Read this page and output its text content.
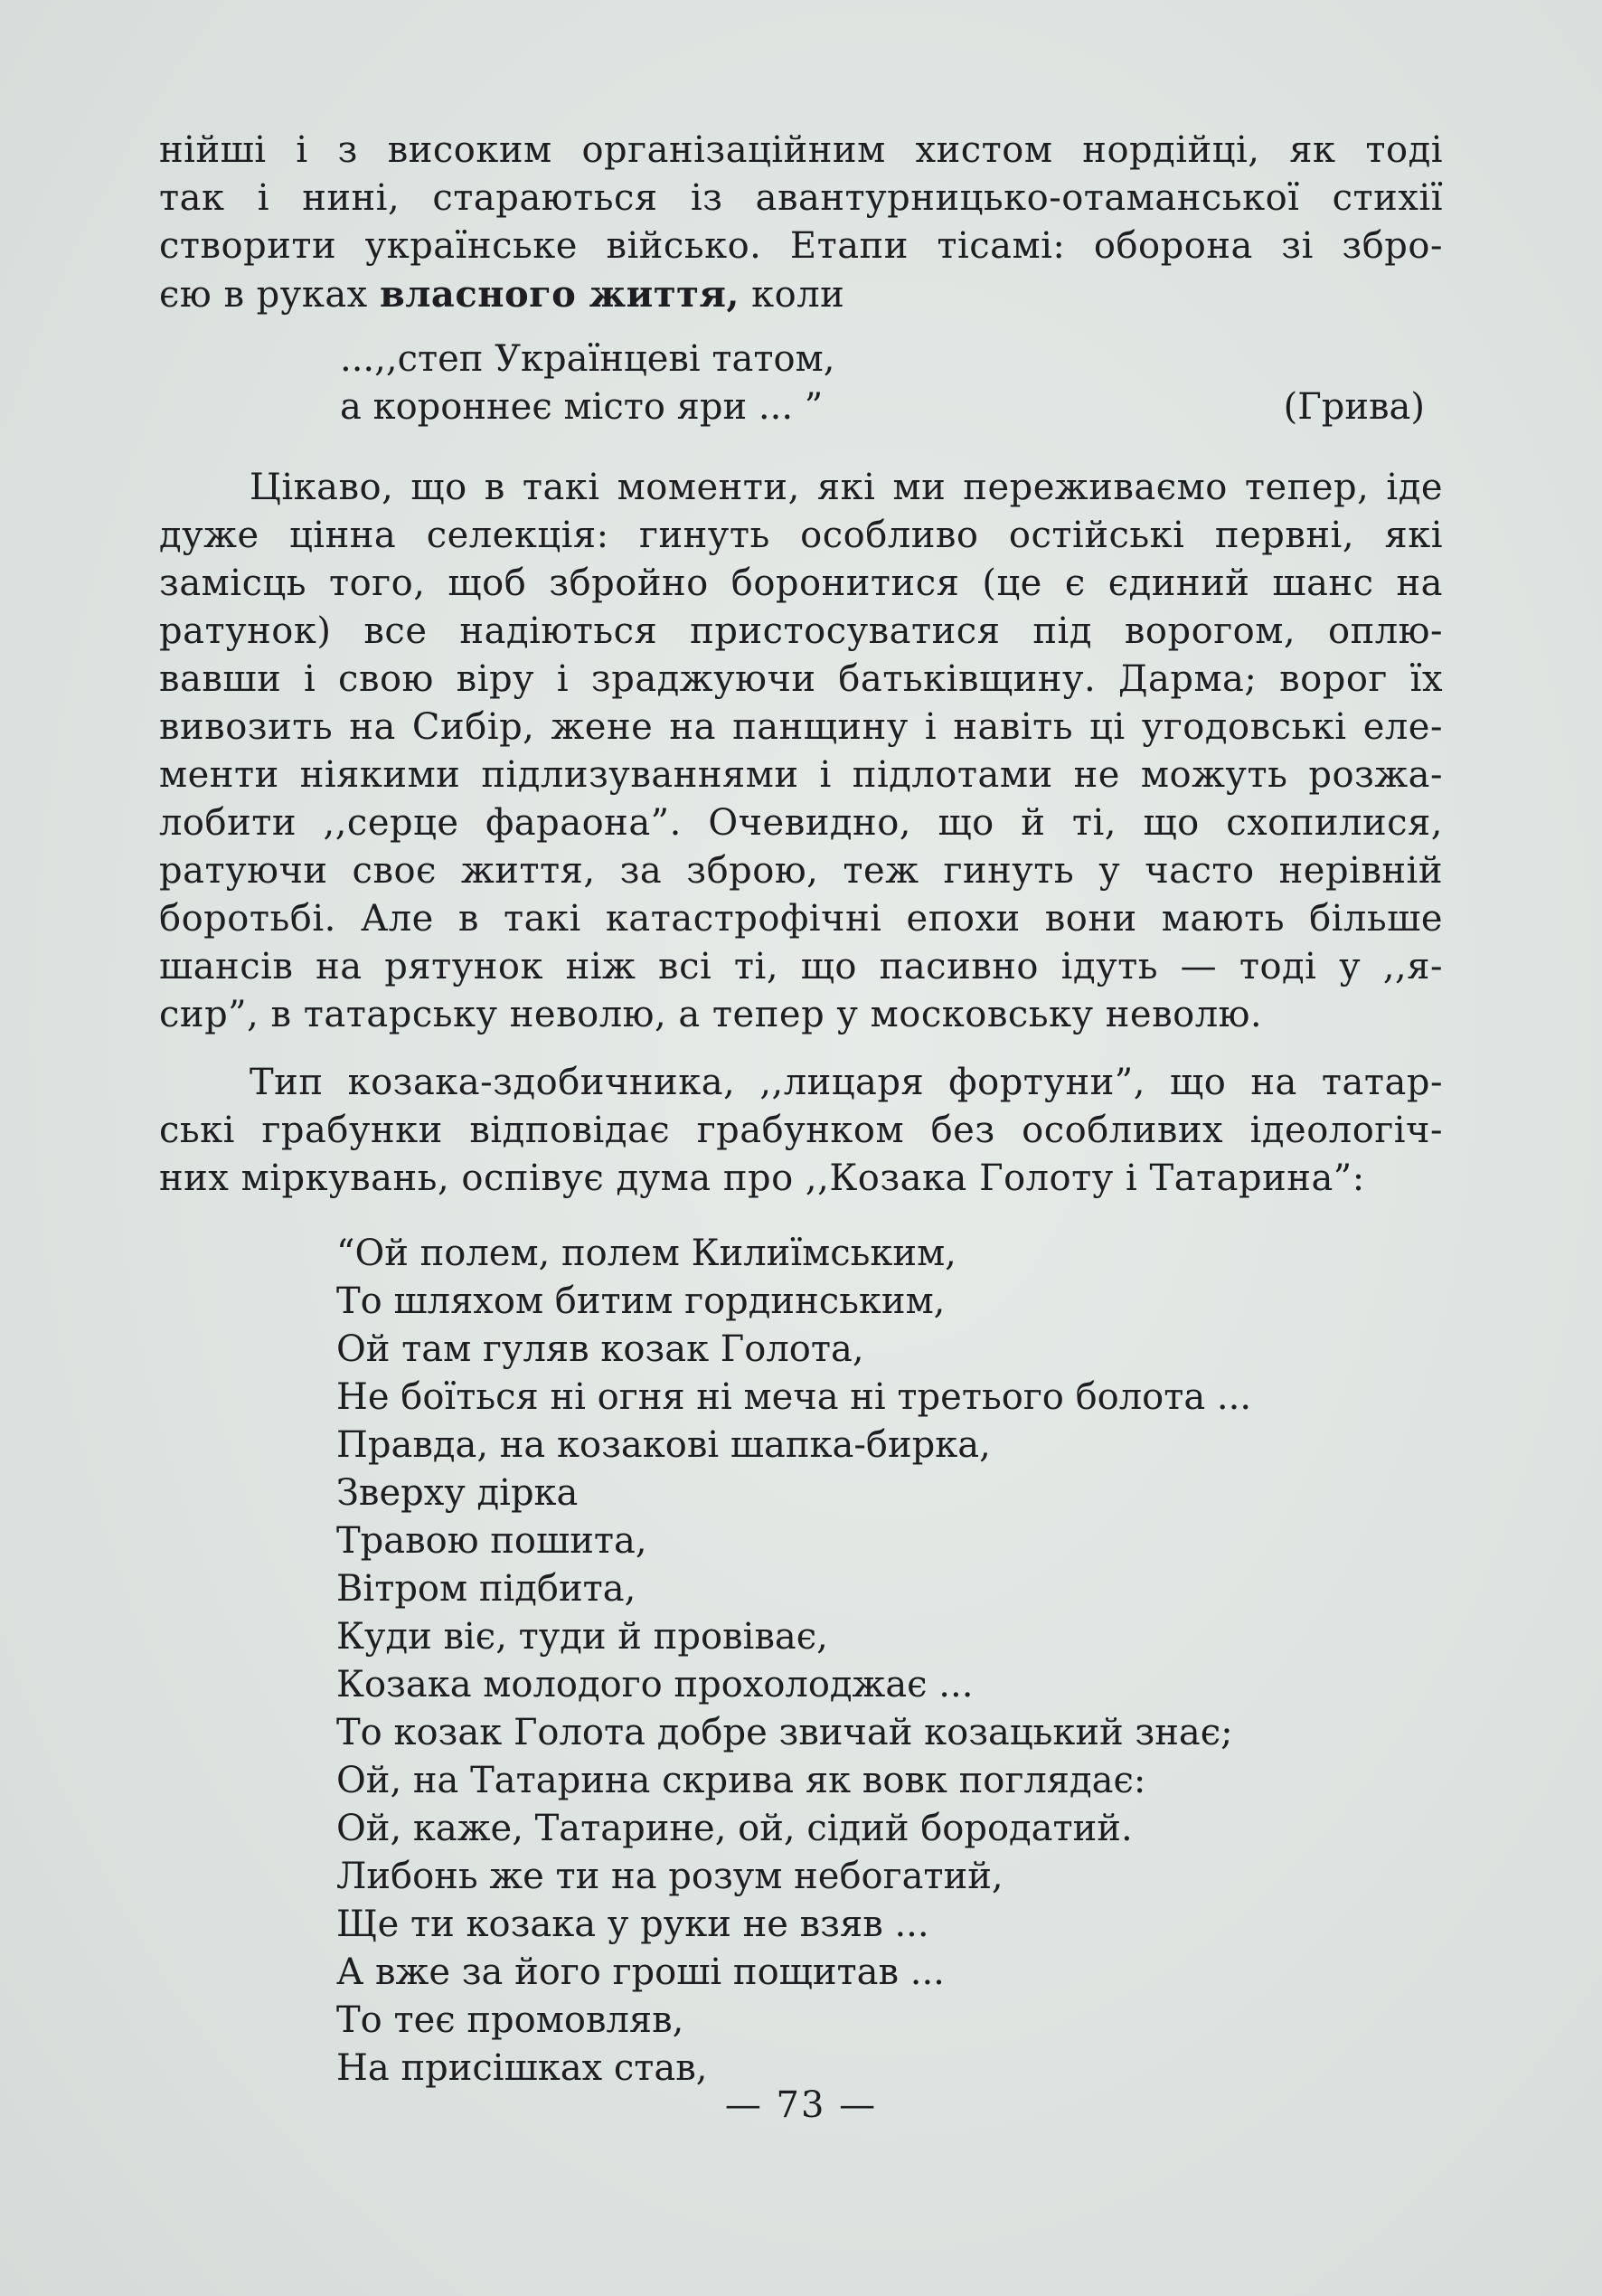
нійші і з високим організаційним хистом нордійці, як тоді
так і нині, стараються із авантурницько-отаманської стихії
створити українське військо. Етапи тісамі: оборона зі збро-
єю в руках власного життя, коли

...,,степ Українцеві татом,
а короннеє місто яри ... ”	(Грива)

Цікаво, що в такі моменти, які ми переживаємо тепер, іде
дуже цінна селекція: гинуть особливо остійські первні, які
замісць того, щоб збройно боронитися (це є єдиний шанс на
ратунок) все надіються пристосуватися під ворогом, оплю-
вавши і свою віру і зраджуючи батьківщину. Дарма; ворог їх
вивозить на Сибір, жене на панщину і навіть ці угодовські еле-
менти ніякими підлизуваннями і підлотами не можуть розжа-
лобити ,,серце фараона”. Очевидно, що й ті, що схопилися,
ратуючи своє життя, за зброю, теж гинуть у часто нерівній
боротьбі. Але в такі катастрофічні епохи вони мають більше
шансів на рятунок ніж всі ті, що пасивно ідуть — тоді у ,,я-
сир”, в татарську неволю, а тепер у московську неволю.

Тип козака-здобичника, ,,лицаря фортуни”, що на татар-
ські грабунки відповідає грабунком без особливих ідеологіч-
них міркувань, оспівує дума про ,,Козака Голоту і Татарина”:

“Ой полем, полем Килиїмським,
То шляхом битим гординським,
Ой там гуляв козак Голота,
Не боїться ні огня ні меча ні третього болота ...
Правда, на козакові шапка-бирка,
Зверху дірка
Травою пошита,
Вітром підбита,
Куди віє, туди й провіває,
Козака молодого прохолоджає ...
То козак Голота добре звичай козацький знає;
Ой, на Татарина скрива як вовк поглядає:
Ой, каже, Татарине, ой, сідий бородатий.
Либонь же ти на розум небогатий,
Ще ти козака у руки не взяв ...
А вже за його гроші пощитав ...
То теє промовляв,
На присішках став,
— 73 —
